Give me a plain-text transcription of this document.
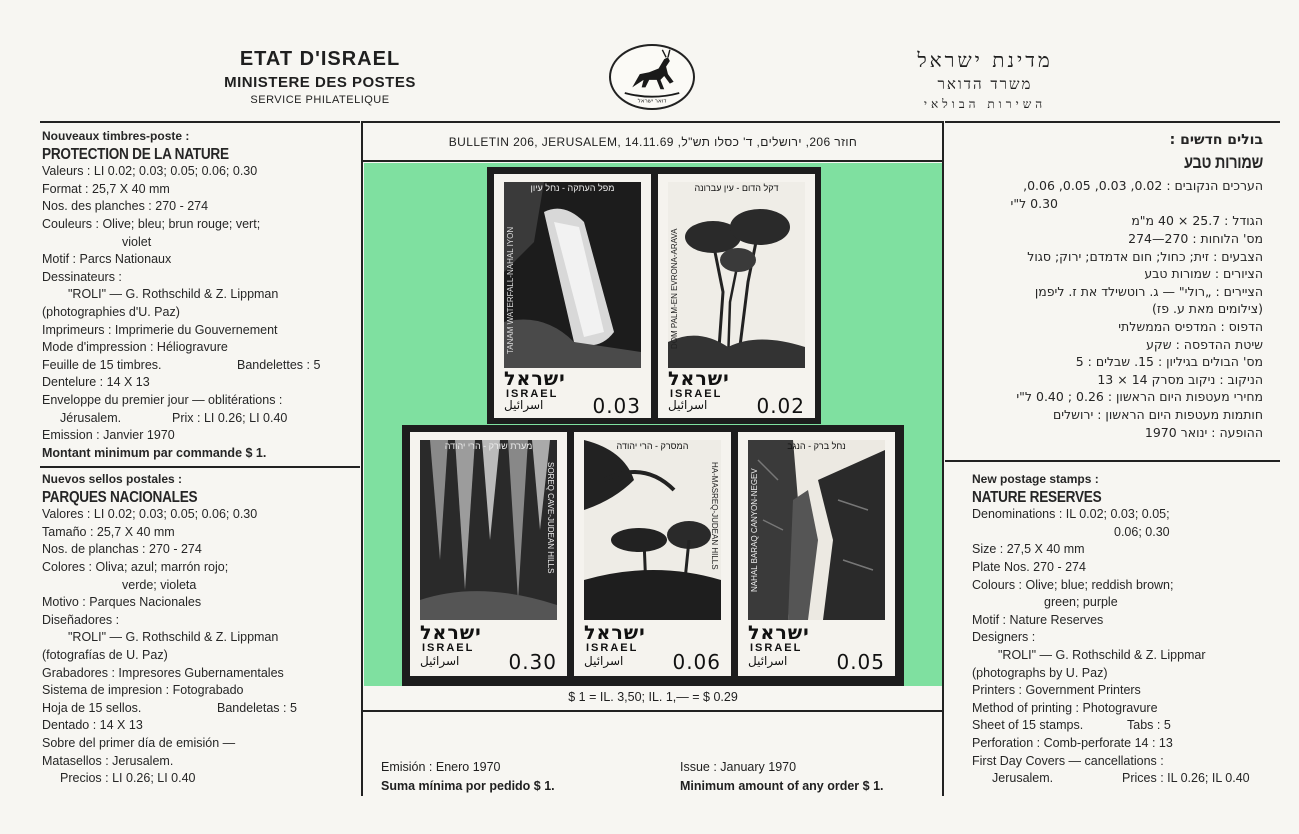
ETAT D'ISRAEL
MINISTERE DES POSTES
SERVICE PHILATELIQUE	דואר ישראל
מדינת ישראל
משרד הדואר
השירות הבולאי
Nouveaux timbres-poste :
PROTECTION DE LA NATURE
Valeurs : LI 0.02; 0.03; 0.05; 0.06; 0.30
Format : 25,7 X 40 mm
Nos. des planches : 270 - 274
Couleurs : Olive; bleu; brun rouge; vert;
violet
Motif : Parcs Nationaux
Dessinateurs :
"ROLI" — G. Rothschild & Z. Lippman
(photographies d'U. Paz)
Imprimeurs : Imprimerie du Gouvernement
Mode d'impression : Héliogravure
Feuille de 15 timbres.	Bandelettes : 5
Dentelure : 14 X 13
Enveloppe du premier jour — oblitérations :
Jérusalem.	Prix : LI 0.26; LI 0.40
Emission : Janvier 1970
Montant minimum par commande $ 1.
Nuevos sellos postales :
PARQUES NACIONALES
Valores : LI 0.02; 0.03; 0.05; 0.06; 0.30
Tamaño : 25,7 X 40 mm
Nos. de planchas : 270 - 274
Colores : Oliva; azul; marrón rojo;
verde; violeta
Motivo : Parques Nacionales
Diseñadores :
"ROLI" — G. Rothschild & Z. Lippman
(fotografías de U. Paz)
Grabadores : Impresores Gubernamentales
Sistema de impresion : Fotograbado
Hoja de 15 sellos.	Bandeletas : 5
Dentado : 14 X 13
Sobre del primer día de emisión —
Matasellos : Jerusalem.
Precios : LI 0.26; LI 0.40
בולים חדשים :
שמורות טבע
הערכים הנקובים : 0.02, 0.03, 0.05, 0.06,
0.30 ל"י
הגודל : 25.7 × 40 מ"מ
מס' הלוחות : 270—274
הצבעים : זית; כחול; חום אדמדם; ירוק; סגול
הציורים : שמורות טבע
הציירים : „רולי" — ג. רוטשילד את ז. ליפמן
(צילומים מאת ע. פז)
הדפוס : המדפיס הממשלתי
שיטת ההדפסה : שקע
מס' הבולים בגיליון : 15. שבלים : 5
הניקוב : ניקוב מסרק 14 × 13
מחירי מעטפות היום הראשון : 0.26 ; 0.40 ל"י
חותמות מעטפות היום הראשון : ירושלים
ההופעה : ינואר 1970
New postage stamps :
NATURE RESERVES
Denominations : IL 0.02; 0.03; 0.05;
0.06; 0.30
Size : 27,5 X 40 mm
Plate Nos. 270 - 274
Colours : Olive; blue; reddish brown;
green; purple
Motif : Nature Reserves
Designers :
"ROLI" — G. Rothschild & Z. Lippmar
(photographs by U. Paz)
Printers : Government Printers
Method of printing : Photogravure
Sheet of 15 stamps.	Tabs : 5
Perforation : Comb-perforate 14 : 13
First Day Covers — cancellations :
Jerusalem.	Prices : IL 0.26; IL 0.40
BULLETIN 206, JERUSALEM, 14.11.69 ,חוזר 206, ירושלים, ד' כסלו תש"ל
TANAM WATERFALL-NAHAL IYON
מפל העתקה - נחל עיון
ישראל
ISRAEL
اسرائيل 0.03
דקל הדום - עין עברונה
DOM PALM-EN EVRONA-ARAVA
ישראל
ISRAEL
اسرائيل 0.02
מערת שורק - הרי יהודה
SOREQ CAVE-JUDEAN HILLS
ישראל
ISRAEL
اسرائيل 0.30
המסרק - הרי יהודה
HA-MASREQ-JUDEAN HILLS
ישראל
ISRAEL
اسرائيل 0.06
נחל ברק - הנגב
NAHAL BARAQ CANYON-NEGEV
ישראל
ISRAEL
اسرائيل 0.05
$ 1 = IL. 3,50; IL. 1,— = $ 0.29
Emisión : Enero 1970
Suma mínima por pedido $ 1.
Issue : January 1970
Minimum amount of any order $ 1.
